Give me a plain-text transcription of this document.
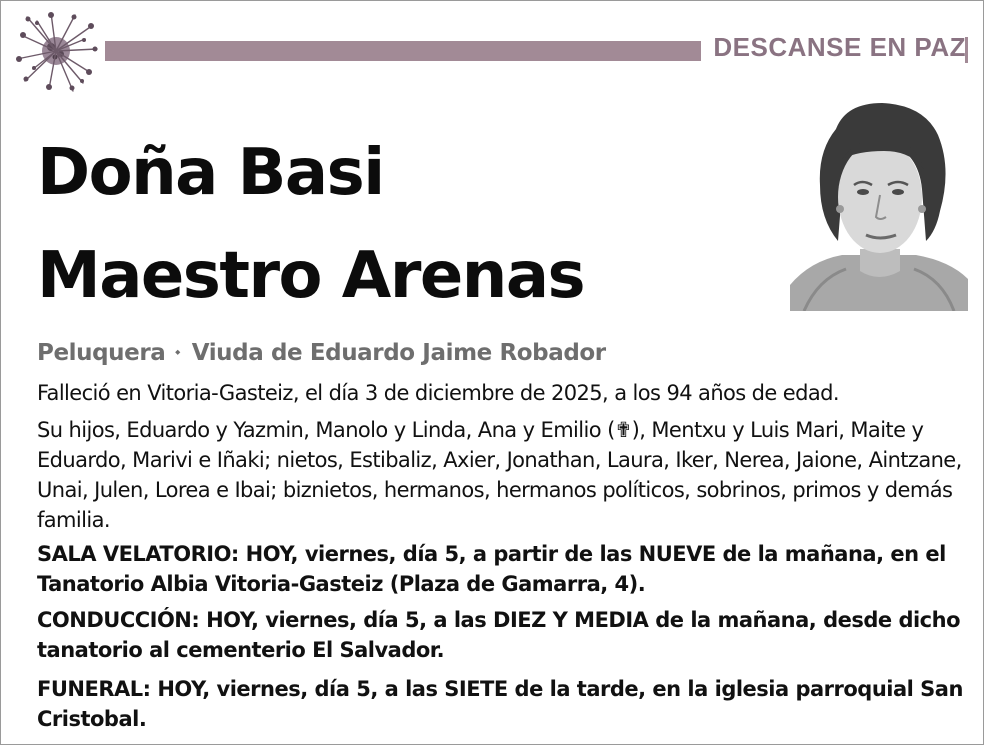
DESCANSE EN PAZ
Doña Basi
Maestro Arenas
Peluquera ⬩ Viuda de Eduardo Jaime Robador
Falleció en Vitoria-Gasteiz, el día 3 de diciembre de 2025, a los 94 años de edad.
Su hijos, Eduardo y Yazmin, Manolo y Linda, Ana y Emilio (✟), Mentxu y Luis Mari, Maite y Eduardo, Marivi e Iñaki; nietos, Estibaliz, Axier, Jonathan, Laura, Iker, Nerea, Jaione, Aintzane, Unai, Julen, Lorea e Ibai; biznietos, hermanos, hermanos políticos, sobrinos, primos y demás familia.
SALA VELATORIO: HOY, viernes, día 5, a partir de las NUEVE de la mañana, en el Tanatorio Albia Vitoria-Gasteiz (Plaza de Gamarra, 4).
CONDUCCIÓN: HOY, viernes, día 5, a las DIEZ Y MEDIA de la mañana, desde dicho tanatorio al cementerio El Salvador.
FUNERAL: HOY, viernes, día 5, a las SIETE de la tarde, en la iglesia parroquial San Cristobal.
